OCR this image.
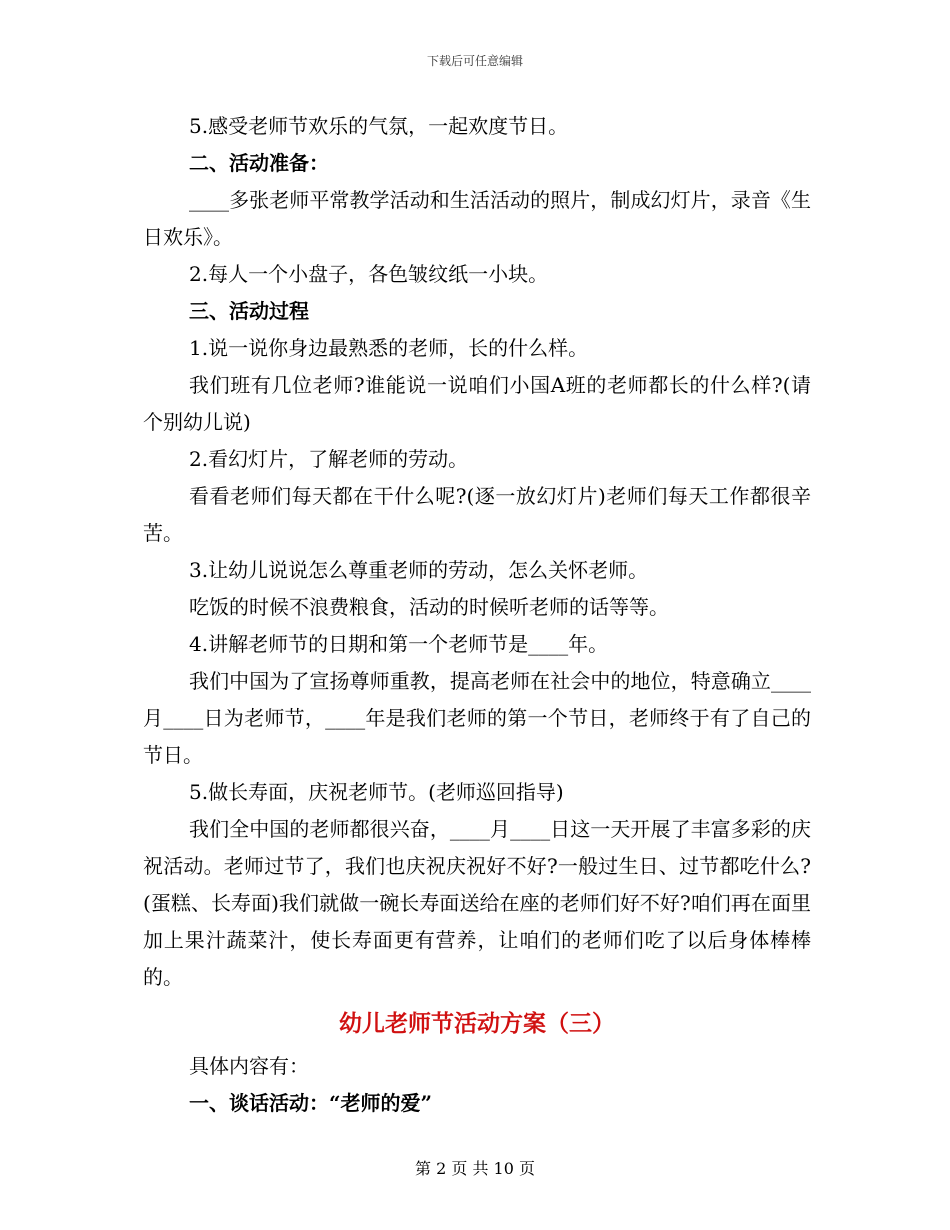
下载后可任意编辑

5.感受老师节欢乐的气氛，一起欢度节日。

二、活动准备：

____多张老师平常教学活动和生活活动的照片，制成幻灯片，录音《生日欢乐》。

2.每人一个小盘子，各色皱纹纸一小块。

三、活动过程

1.说一说你身边最熟悉的老师，长的什么样。

我们班有几位老师?谁能说一说咱们小国A班的老师都长的什么样?(请个别幼儿说)

2.看幻灯片，了解老师的劳动。

看看老师们每天都在干什么呢?(逐一放幻灯片)老师们每天工作都很辛苦。

3.让幼儿说说怎么尊重老师的劳动，怎么关怀老师。

吃饭的时候不浪费粮食，活动的时候听老师的话等等。

4.讲解老师节的日期和第一个老师节是____年。

我们中国为了宣扬尊师重教，提高老师在社会中的地位，特意确立____月____日为老师节，____年是我们老师的第一个节日，老师终于有了自己的节日。

5.做长寿面，庆祝老师节。(老师巡回指导)

我们全中国的老师都很兴奋，____月____日这一天开展了丰富多彩的庆祝活动。老师过节了，我们也庆祝庆祝好不好?一般过生日、过节都吃什么?(蛋糕、长寿面)我们就做一碗长寿面送给在座的老师们好不好?咱们再在面里加上果汁蔬菜汁，使长寿面更有营养，让咱们的老师们吃了以后身体棒棒的。

幼儿老师节活动方案（三）

具体内容有：

一、谈话活动：“老师的爱”

第 2 页 共 10 页
